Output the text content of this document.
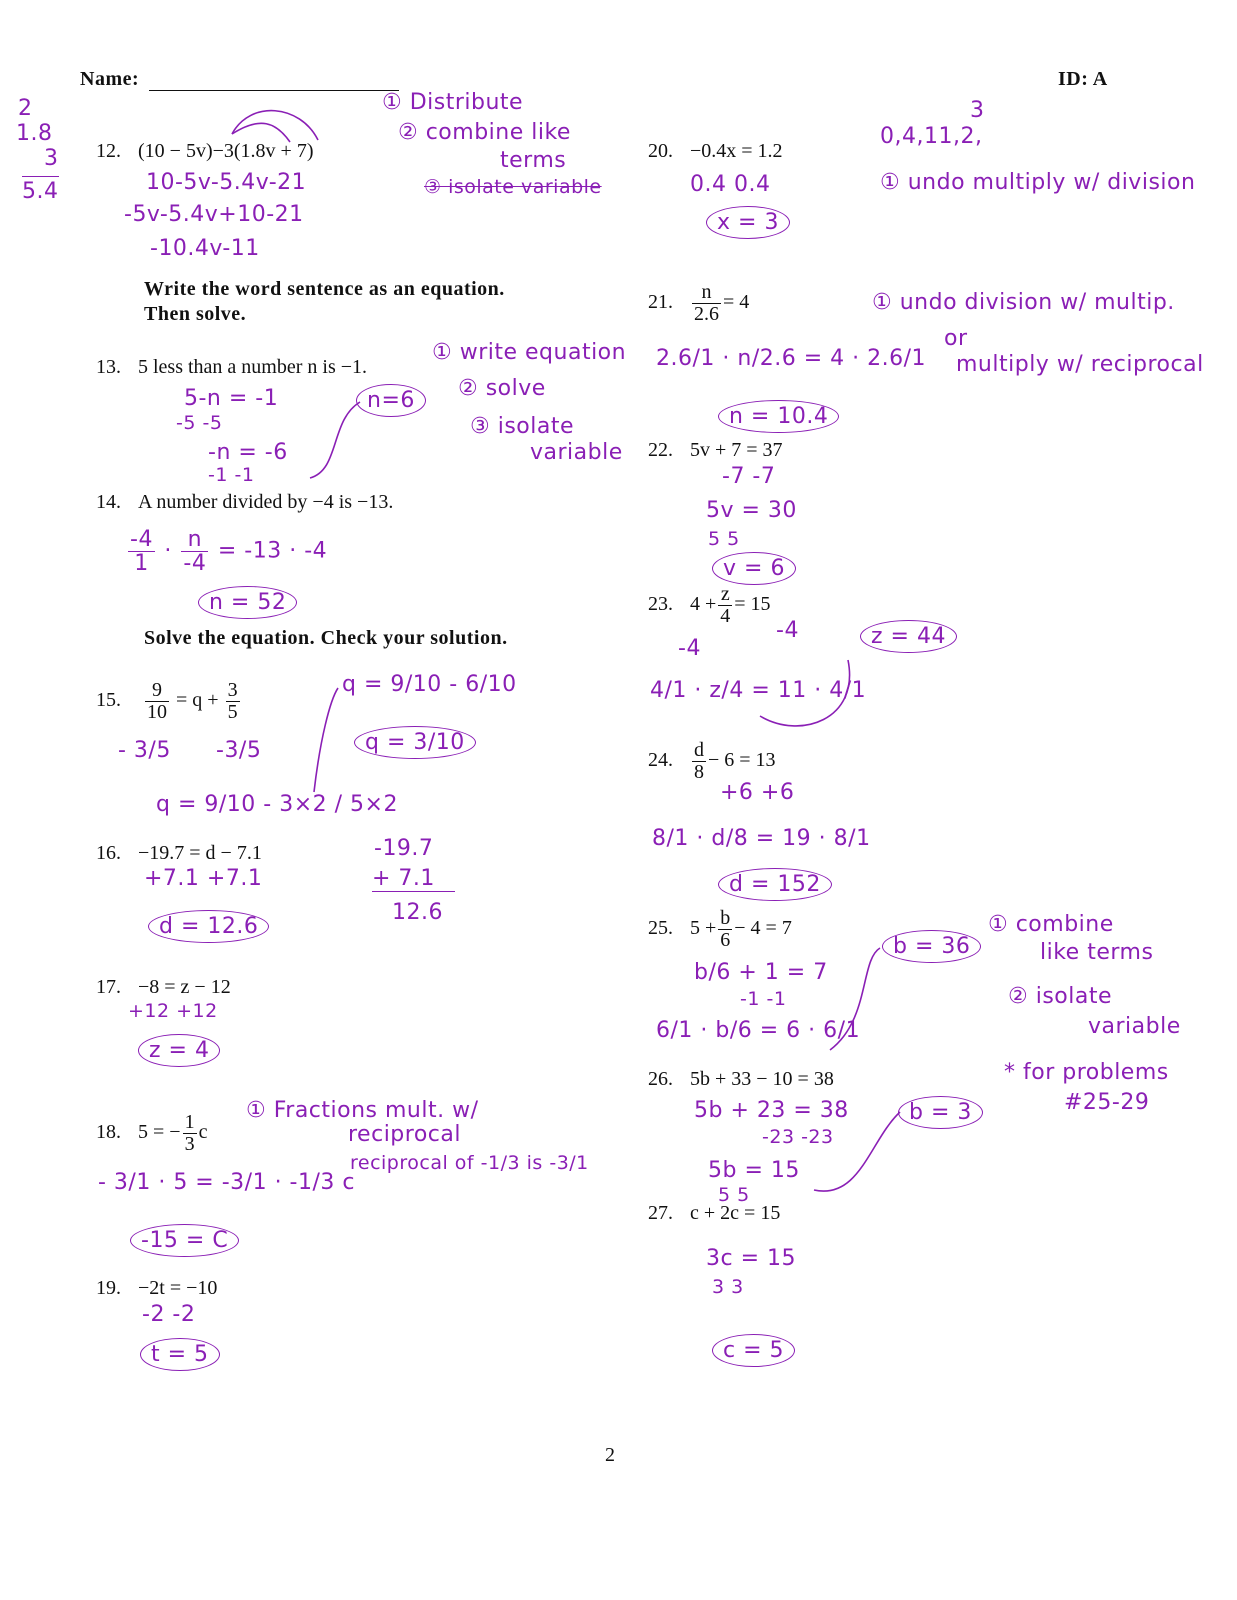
Name:	ID: A
2
1.8
3
5.4
3
0,4,11,2,
12. (10 − 5v)−3(1.8v + 7)
10-5v-5.4v-21
-5v-5.4v+10-21
-10.4v-11
① Distribute
② combine like
terms
③ isolate variable
Write the word sentence as an equation.
Then solve.
13. 5 less than a number n is −1.
5-n = -1
-5 -5
-n = -6
-1 -1
n=6
① write equation
② solve
③ isolate
variable
14. A number divided by −4 is −13.
$\frac{-4}{1} \cdot \frac{n}{-4} = -13 \cdot -4$
n = 52
Solve the equation. Check your solution.
15. $\frac{9}{10} = q + \frac{3}{5}$
- 3/5 -3/5
q = 9/10 - 3×2 / 5×2
q = 9/10 - 6/10
q = 3/10
16. −19.7 = d − 7.1
+7.1 +7.1
d = 12.6
-19.7
+ 7.1
12.6
17. −8 = z − 12
+12 +12
z = 4
18. 5 = − $\frac{1}{3}$ c
① Fractions mult. w/
reciprocal
- 3/1 · 5 = -3/1 · -1/3 c
reciprocal of -1/3 is -3/1
-15 = C
19. −2t = −10
-2 -2
t = 5
20. −0.4x = 1.2
0.4 0.4
x = 3
① undo multiply w/ division
21. $\frac{n}{2.6} = 4$
2.6/1 · n/2.6 = 4 · 2.6/1
n = 10.4
① undo division w/ multip.
or
multiply w/ reciprocal
22. 5v + 7 = 37
-7 -7
5v = 30
5 5
v = 6
23. $4 + \frac{z}{4} = 15$
-4
-4
4/1 · z/4 = 11 · 4/1
z = 44
24. $\frac{d}{8} - 6 = 13$
+6 +6
8/1 · d/8 = 19 · 8/1
d = 152
25. $5 + \frac{b}{6} - 4 = 7$
b/6 + 1 = 7
-1 -1
6/1 · b/6 = 6 · 6/1
b = 36
① combine
like terms
② isolate
variable
* for problems
#25-29
26. 5b + 33 − 10 = 38
5b + 23 = 38
-23 -23
5b = 15
5 5
b = 3
27. c + 2c = 15
3c = 15
3 3
c = 5
2
